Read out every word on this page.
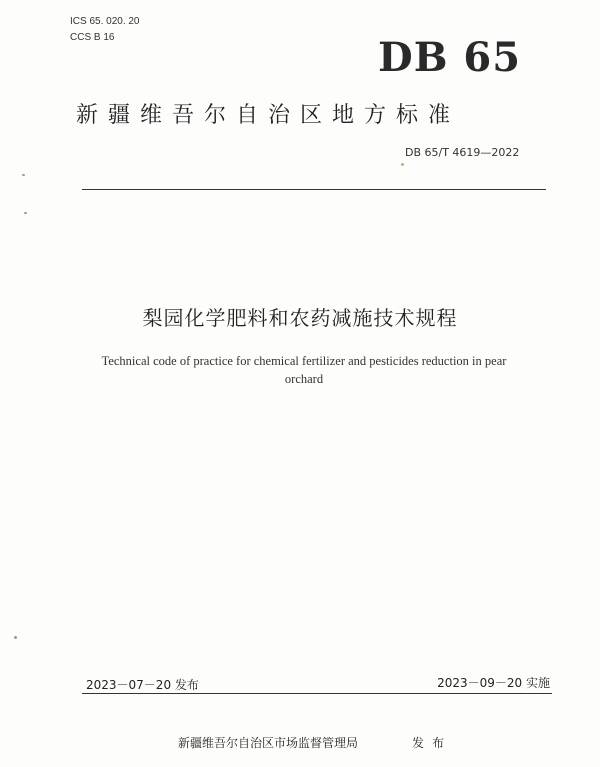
ICS 65. 020. 20
CCS B 16	DB 65
新疆维吾尔自治区地方标准
DB 65/T 4619—2022
梨园化学肥料和农药减施技术规程
Technical code of practice for chemical fertilizer and pesticides reduction in pear orchard
2023－07－20 发布	2023－09－20 实施
新疆维吾尔自治区市场监督管理局	发布
